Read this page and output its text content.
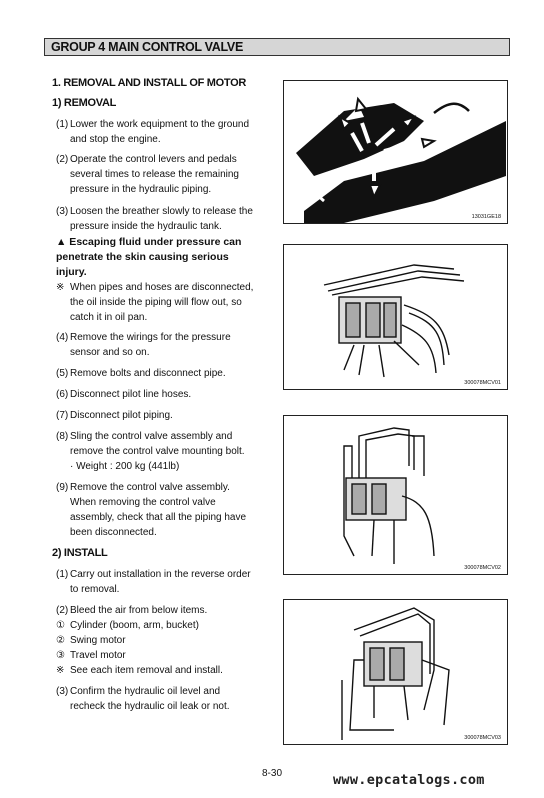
GROUP 4 MAIN CONTROL VALVE
1. REMOVAL AND INSTALL OF MOTOR
1) REMOVAL
(1) Lower the work equipment to the ground and stop the engine.
(2) Operate the control levers and pedals several times to release the remaining pressure in the hydraulic piping.
(3) Loosen the breather slowly to release the pressure inside the hydraulic tank.
▲ Escaping fluid under pressure can penetrate the skin causing serious injury.
※ When pipes and hoses are disconnected, the oil inside the piping will flow out, so catch it in oil pan.
(4) Remove the wirings for the pressure sensor and so on.
(5) Remove bolts and disconnect pipe.
(6) Disconnect pilot line hoses.
(7) Disconnect pilot piping.
(8) Sling the control valve assembly and remove the control valve mounting bolt.
· Weight : 200 kg (441lb)
(9) Remove the control valve assembly. When removing the control valve assembly, check that all the piping have been disconnected.
2) INSTALL
(1) Carry out installation in the reverse order to removal.
(2) Bleed the air from below items.
① Cylinder (boom, arm, bucket)
② Swing motor
③ Travel motor
※ See each item removal and install.
(3) Confirm the hydraulic oil level and recheck the hydraulic oil leak or not.
13031GE18
300078MCV01
300078MCV02
300078MCV03
8-30	www.epcatalogs.com
